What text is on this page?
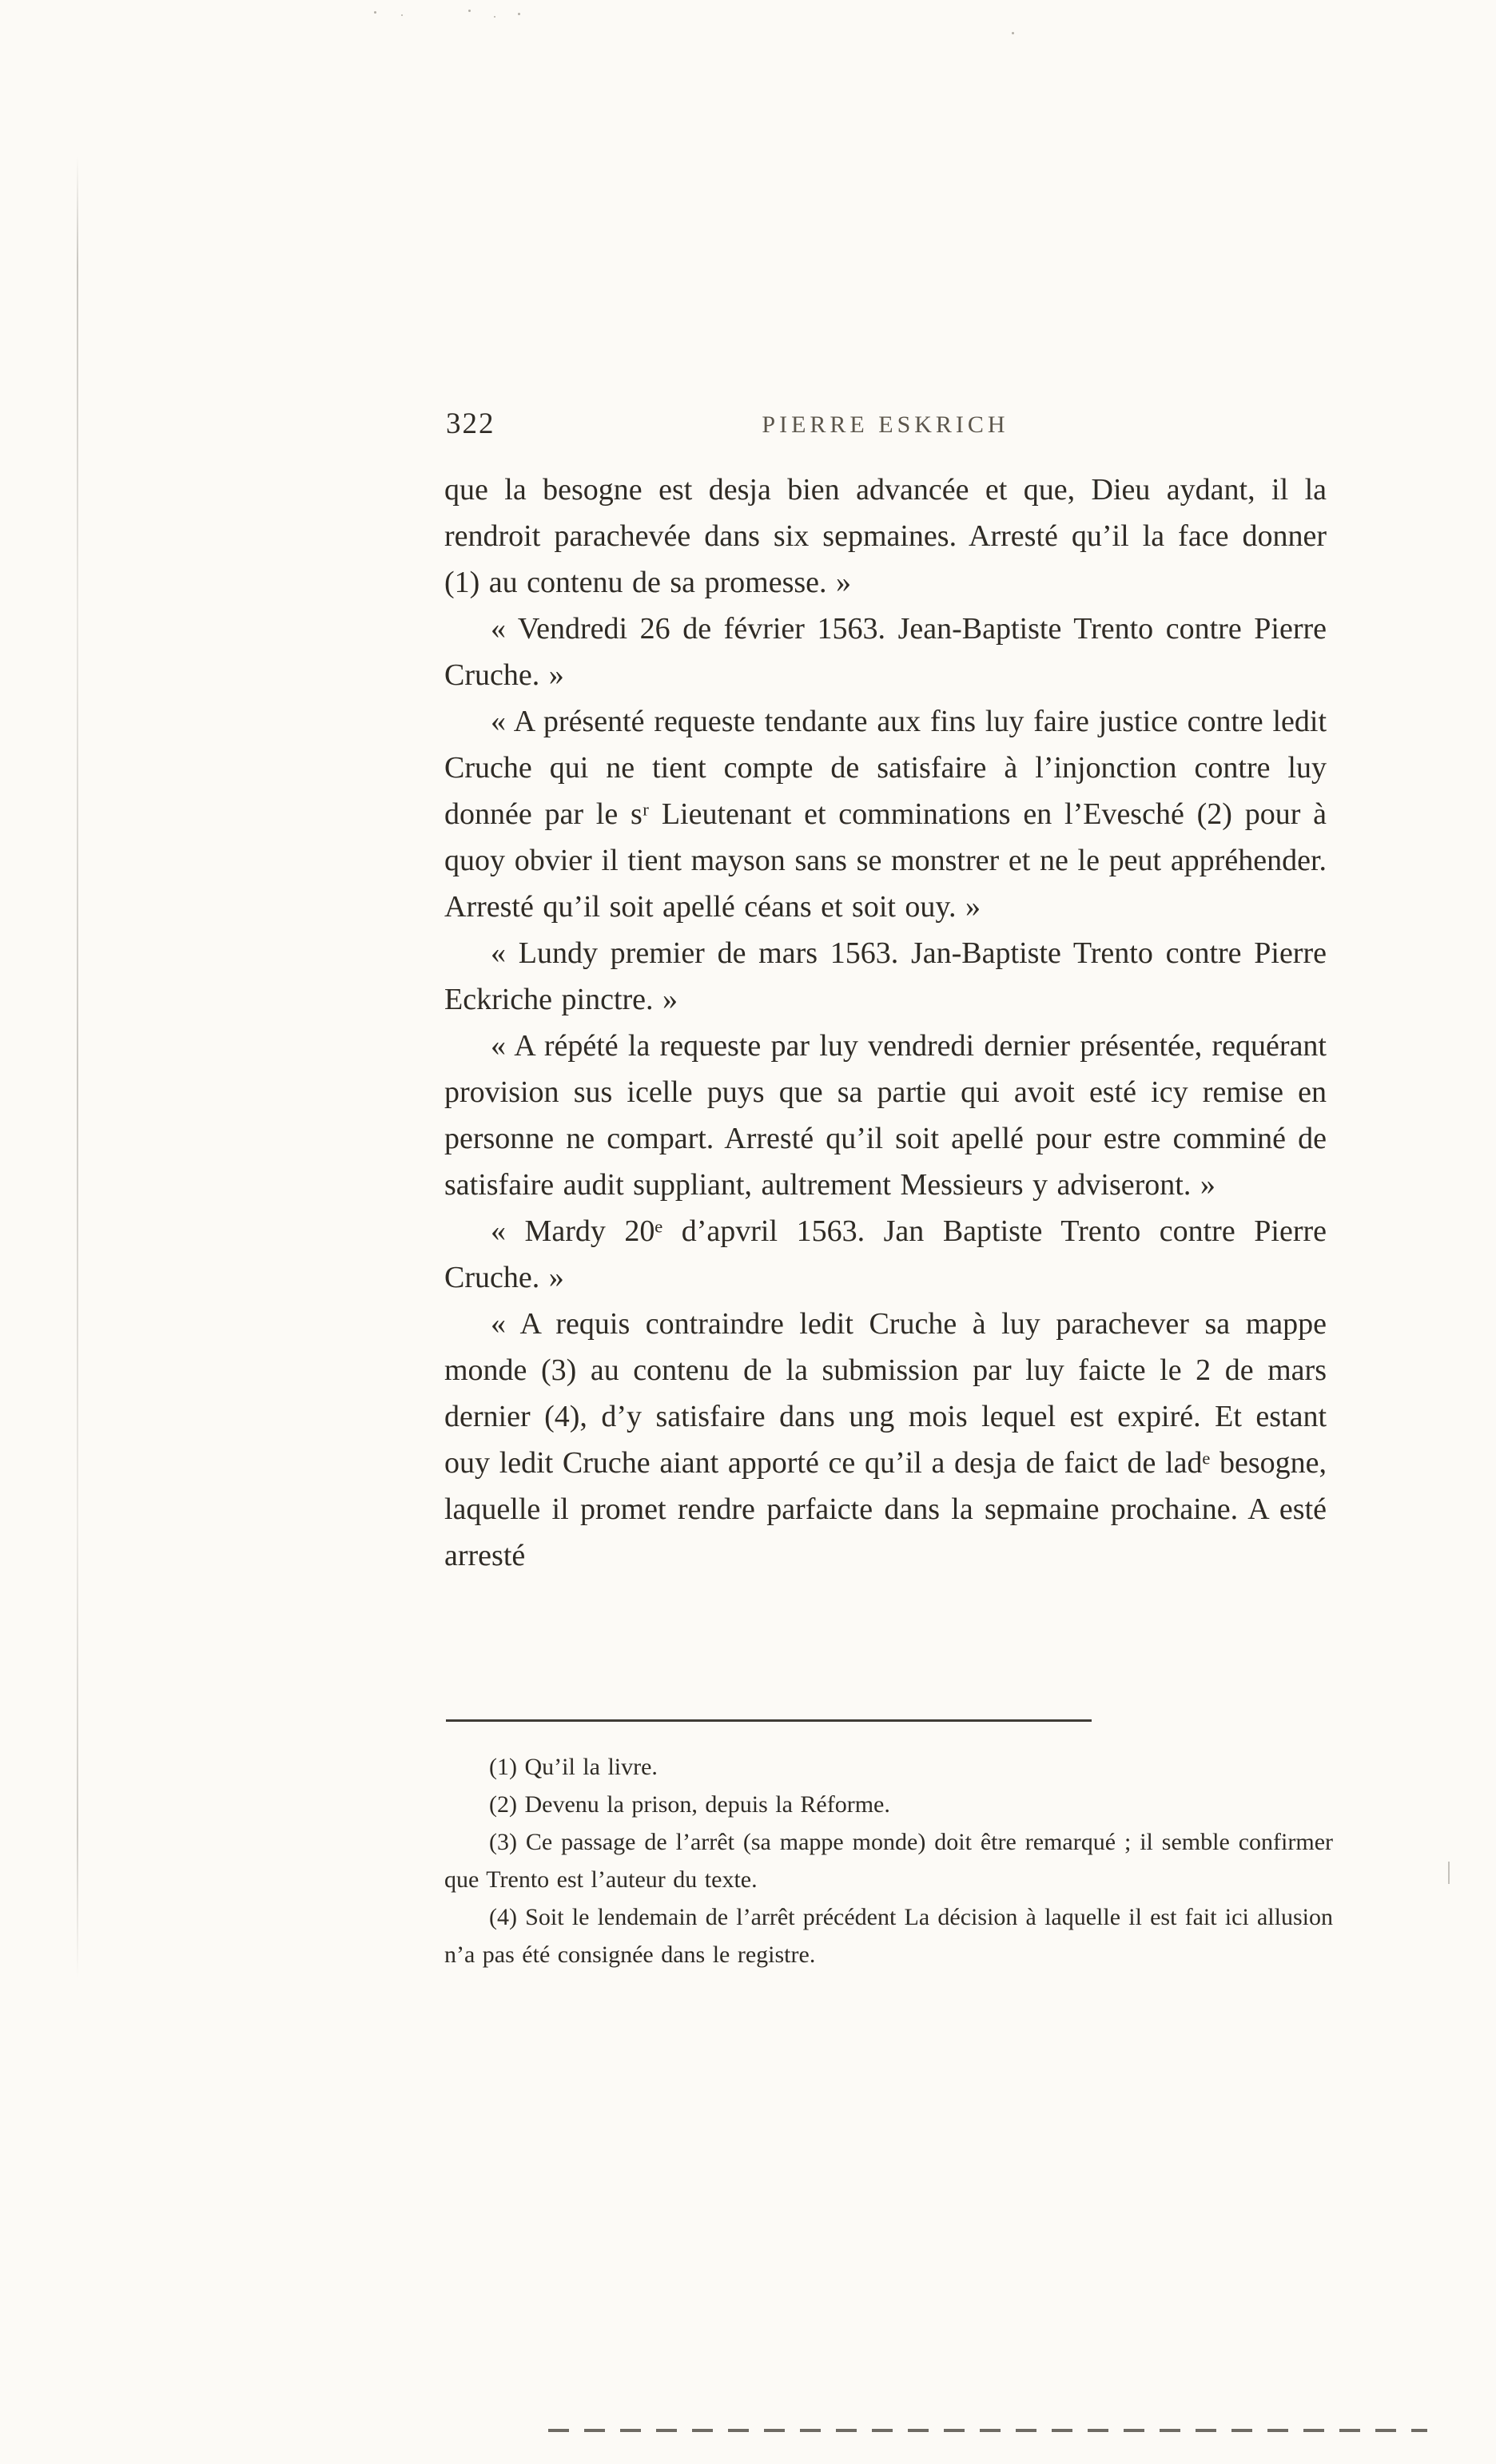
322	PIERRE ESKRICH

que la besogne est desja bien advancée et que, Dieu aydant, il la rendroit parachevée dans six sepmaines. Arresté qu’il la face donner (1) au contenu de sa promesse. »

« Vendredi 26 de février 1563. Jean-Baptiste Trento contre Pierre Cruche. »

« A présenté requeste tendante aux fins luy faire justice contre ledit Cruche qui ne tient compte de satisfaire à l’injonction contre luy donnée par le sʳ Lieutenant et comminations en l’Evesché (2) pour à quoy obvier il tient mayson sans se monstrer et ne le peut appréhender. Arresté qu’il soit apellé céans et soit ouy. »

« Lundy premier de mars 1563. Jan-Baptiste Trento contre Pierre Eckriche pinctre. »

« A répété la requeste par luy vendredi dernier présentée, requérant provision sus icelle puys que sa partie qui avoit esté icy remise en personne ne compart. Arresté qu’il soit apellé pour estre comminé de satisfaire audit suppliant, aultrement Messieurs y adviseront. »

« Mardy 20ᵉ d’apvril 1563. Jan Baptiste Trento contre Pierre Cruche. »

« A requis contraindre ledit Cruche à luy parachever sa mappe monde (3) au contenu de la submission par luy faicte le 2 de mars dernier (4), d’y satisfaire dans ung mois lequel est expiré. Et estant ouy ledit Cruche aiant apporté ce qu’il a desja de faict de ladᵉ besogne, laquelle il promet rendre parfaicte dans la sepmaine prochaine. A esté arresté

(1) Qu’il la livre.

(2) Devenu la prison, depuis la Réforme.

(3) Ce passage de l’arrêt (sa mappe monde) doit être remarqué ; il semble confirmer que Trento est l’auteur du texte.

(4) Soit le lendemain de l’arrêt précédent La décision à laquelle il est fait ici allusion n’a pas été consignée dans le registre.
